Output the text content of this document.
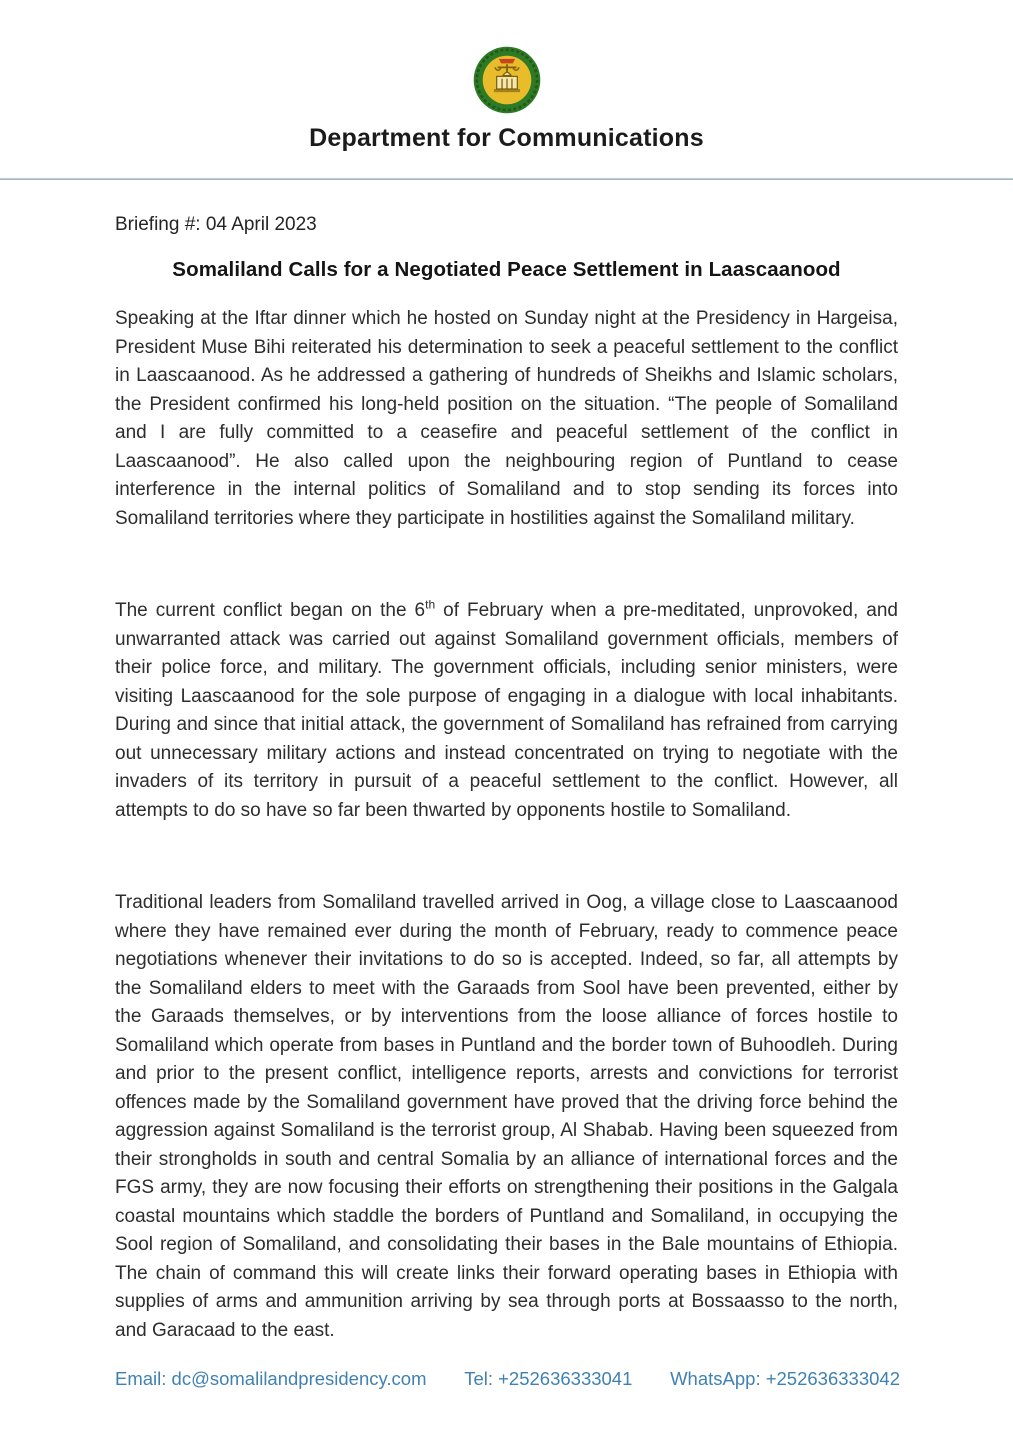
Department for Communications
Briefing #: 04 April 2023
Somaliland Calls for a Negotiated Peace Settlement in Laascaanood

Speaking at the Iftar dinner which he hosted on Sunday night at the Presidency in Hargeisa, President Muse Bihi reiterated his determination to seek a peaceful settlement to the conflict in Laascaanood. As he addressed a gathering of hundreds of Sheikhs and Islamic scholars, the President confirmed his long-held position on the situation. “The people of Somaliland and I are fully committed to a ceasefire and peaceful settlement of the conflict in Laascaanood”. He also called upon the neighbouring region of Puntland to cease interference in the internal politics of Somaliland and to stop sending its forces into Somaliland territories where they participate in hostilities against the Somaliland military.

The current conflict began on the 6th of February when a pre-meditated, unprovoked, and unwarranted attack was carried out against Somaliland government officials, members of their police force, and military. The government officials, including senior ministers, were visiting Laascaanood for the sole purpose of engaging in a dialogue with local inhabitants. During and since that initial attack, the government of Somaliland has refrained from carrying out unnecessary military actions and instead concentrated on trying to negotiate with the invaders of its territory in pursuit of a peaceful settlement to the conflict. However, all attempts to do so have so far been thwarted by opponents hostile to Somaliland.

Traditional leaders from Somaliland travelled arrived in Oog, a village close to Laascaanood where they have remained ever during the month of February, ready to commence peace negotiations whenever their invitations to do so is accepted. Indeed, so far, all attempts by the Somaliland elders to meet with the Garaads from Sool have been prevented, either by the Garaads themselves, or by interventions from the loose alliance of forces hostile to Somaliland which operate from bases in Puntland and the border town of Buhoodleh. During and prior to the present conflict, intelligence reports, arrests and convictions for terrorist offences made by the Somaliland government have proved that the driving force behind the aggression against Somaliland is the terrorist group, Al Shabab. Having been squeezed from their strongholds in south and central Somalia by an alliance of international forces and the FGS army, they are now focusing their efforts on strengthening their positions in the Galgala coastal mountains which staddle the borders of Puntland and Somaliland, in occupying the Sool region of Somaliland, and consolidating their bases in the Bale mountains of Ethiopia. The chain of command this will create links their forward operating bases in Ethiopia with supplies of arms and ammunition arriving by sea through ports at Bossaasso to the north, and Garacaad to the east.

Email: dc@somalilandpresidency.com Tel: +252636333041 WhatsApp: +252636333042
